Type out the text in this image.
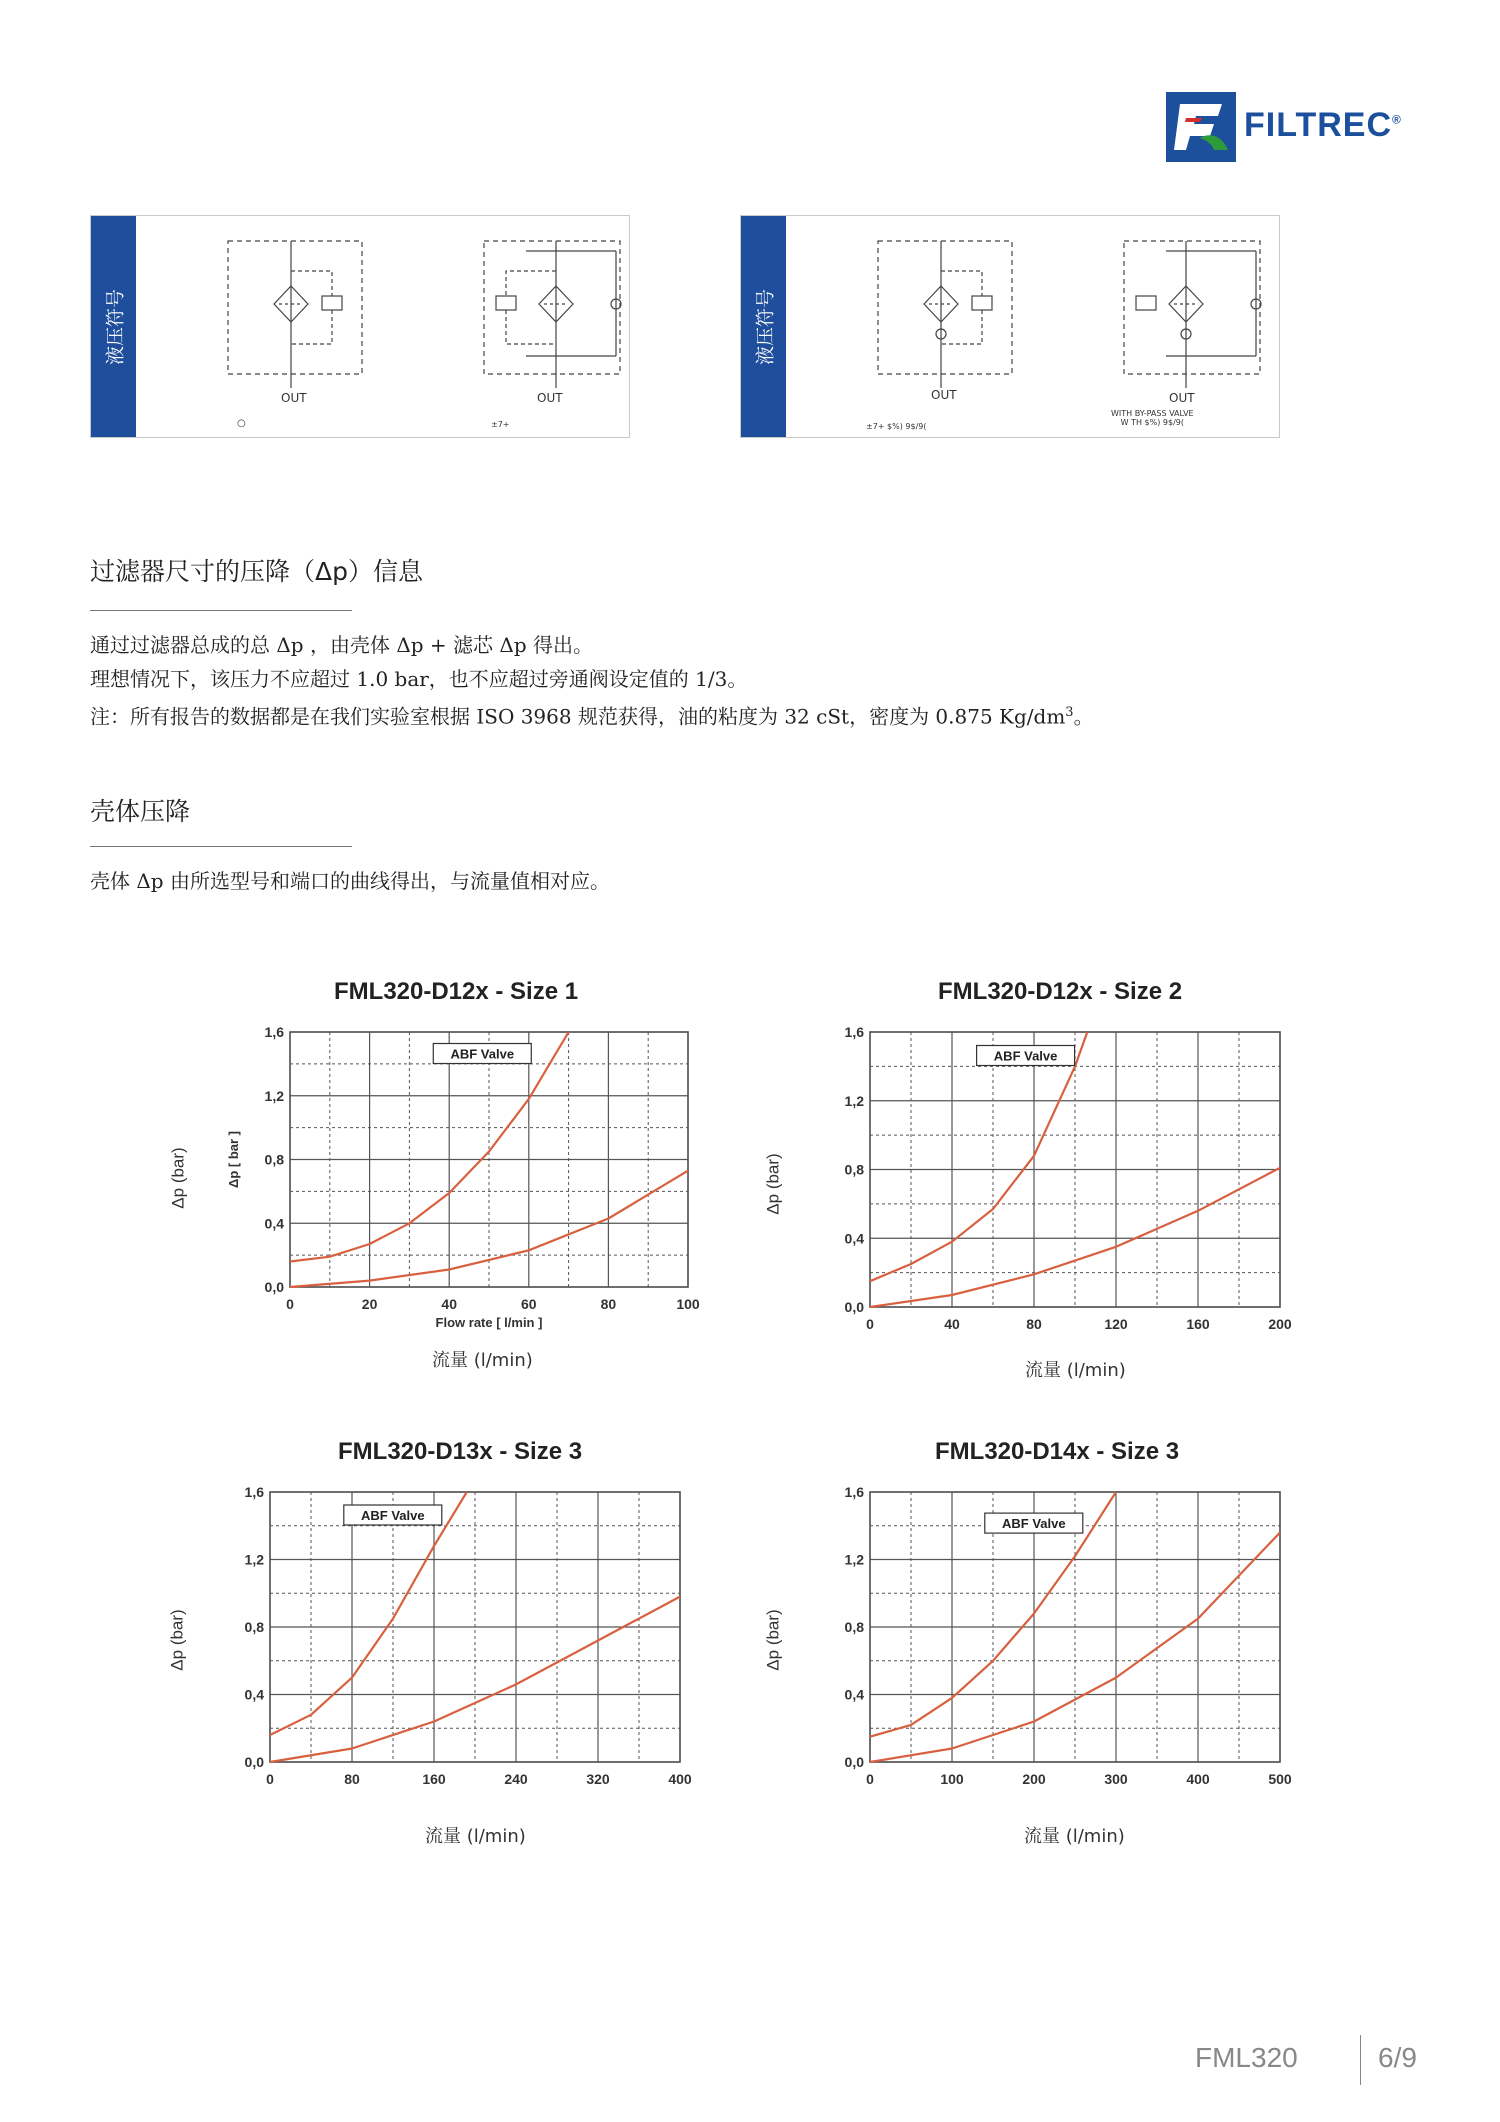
FILTREC®
液压符号
OUT	OUT
○	±7+
液压符号
OUT	OUT
±7+ $%) 9$/9(
WITH BY-PASS VALVE
W TH $%) 9$/9(
过滤器尺寸的压降（Δp）信息
通过过滤器总成的总 Δp ，由壳体 Δp + 滤芯 Δp 得出。
理想情况下，该压力不应超过 1.0 bar，也不应超过旁通阀设定值的 1/3。
注：所有报告的数据都是在我们实验室根据 ISO 3968 规范获得，油的粘度为 32 cSt，密度为 0.875 $Kg/dm^3$。
壳体压降
壳体 Δp 由所选型号和端口的曲线得出，与流量值相对应。
FML320-D12x - Size 1
0	20	40	60	80	100
0,0
0,4
0,8
1,2
1,6
Flow rate [ l/min ]
Δp [ bar ]
ABF Valve
Δp (bar)
流量 (l/min)
FML320-D12x - Size 2
0	40	80	120	160	200
0,0
0,4
0,8
1,2
1,6
ABF Valve
Δp (bar)
流量 (l/min)
FML320-D13x - Size 3
0	80	160	240	320	400
0,0
0,4
0,8
1,2
1,6
ABF Valve
Δp (bar)
流量 (l/min)
FML320-D14x - Size 3
0	100	200	300	400	500
0,0
0,4
0,8
1,2
1,6
ABF Valve
Δp (bar)
流量 (l/min)
FML320	6/9
